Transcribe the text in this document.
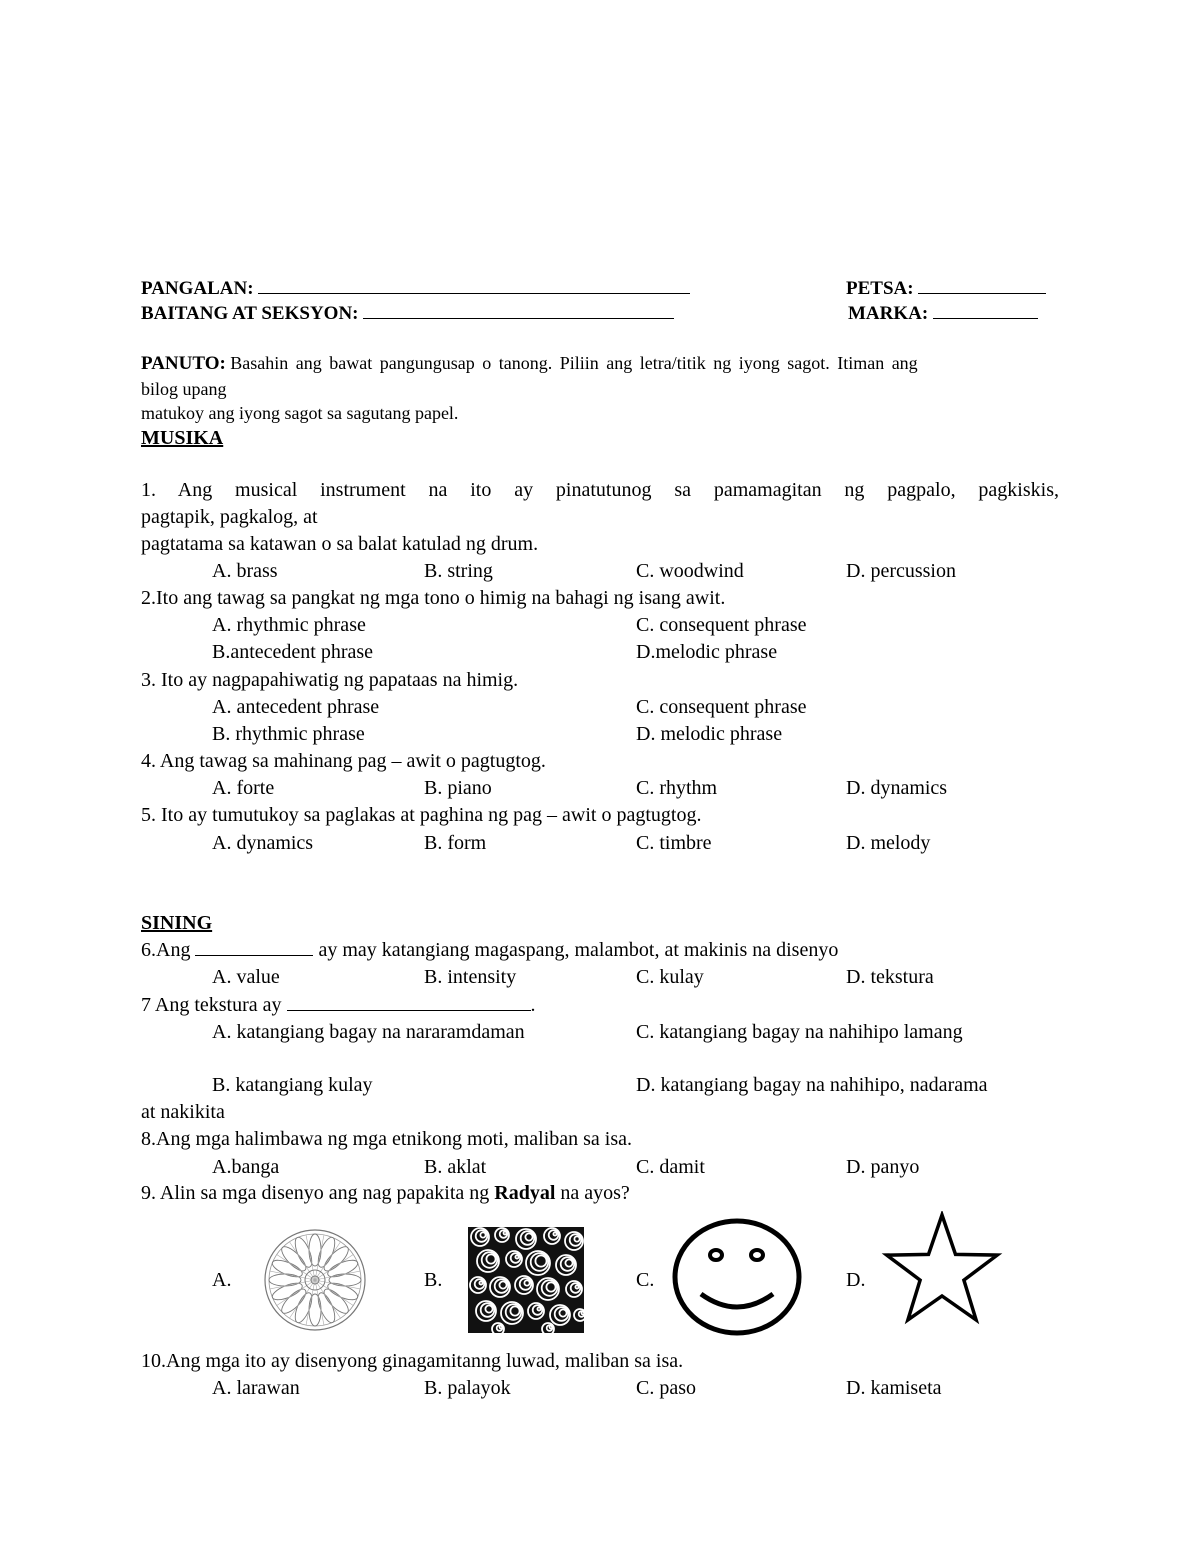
PANGALAN:	PETSA:
BAITANG AT SEKSYON:	MARKA:
PANUTO: Basahin ang bawat pangungusap o tanong. Piliin ang letra/titik ng iyong sagot. Itiman ang
bilog upang
matukoy ang iyong sagot sa sagutang papel.
MUSIKA
1. Ang musical instrument na ito ay pinatutunog sa pamamagitan ng pagpalo, pagkiskis,
pagtapik, pagkalog, at
pagtatama sa katawan o sa balat katulad ng drum.
A. brass	B. string	C. woodwind	D. percussion
2.Ito ang tawag sa pangkat ng mga tono o himig na bahagi ng isang awit.
A. rhythmic phrase	C. consequent phrase
B.antecedent phrase	D.melodic phrase
3. Ito ay nagpapahiwatig ng papataas na himig.
A. antecedent phrase	C. consequent phrase
B. rhythmic phrase	D. melodic phrase
4. Ang tawag sa mahinang pag – awit o pagtugtog.
A. forte	B. piano	C. rhythm	D. dynamics
5. Ito ay tumutukoy sa paglakas at paghina ng pag – awit o pagtugtog.
A. dynamics	B. form	C. timbre	D. melody
SINING
6.Ang	ay may katangiang magaspang, malambot, at makinis na disenyo
A. value	B. intensity	C. kulay	D. tekstura
7 Ang tekstura ay	.
A. katangiang bagay na nararamdaman	C. katangiang bagay na nahihipo lamang
B. katangiang kulay	D. katangiang bagay na nahihipo, nadarama
at nakikita
8.Ang mga halimbawa ng mga etnikong moti, maliban sa isa.
A.banga	B. aklat	C. damit	D. panyo
9. Alin sa mga disenyo ang nag papakita ng Radyal na ayos?
A.	B.	C.	D.
10.Ang mga ito ay disenyong ginagamitanng luwad, maliban sa isa.
A. larawan	B. palayok	C. paso	D. kamiseta
